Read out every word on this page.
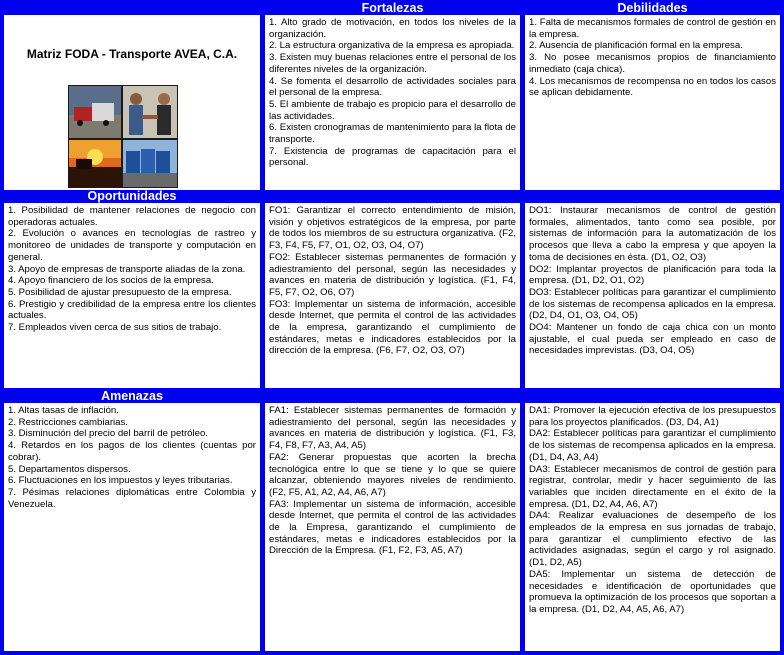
Fortalezas	Debilidades
Matriz FODA - Transporte AVEA, C.A.

1. Alto grado de motivación, en todos los niveles de la organización.

2. La estructura organizativa de la empresa es apropiada.

3. Existen muy buenas relaciones entre el personal de los diferentes niveles de la organización.

4. Se fomenta el desarrollo de actividades sociales para el personal de la empresa.

5. El ambiente de trabajo es propicio para el desarrollo de las actividades.

6. Existen cronogramas de mantenimiento para la flota de transporte.

7. Existencia de programas de capacitación para el personal.

1. Falta de mecanismos formales de control de gestión en la empresa.

2. Ausencia de planificación formal en la empresa.

3. No posee mecanismos propios de financiamiento inmediato (caja chica).

4. Los mecanismos de recompensa no en todos los casos se aplican debidamente.

Oportunidades

1. Posibilidad de mantener relaciones de negocio con operadoras actuales.

2. Evolución o avances en tecnologías de rastreo y monitoreo de unidades de transporte y computación en general.

3. Apoyo de empresas de transporte aliadas de la zona.

4. Apoyo financiero de los socios de la empresa.

5. Posibilidad de ajustar presupuesto de la empresa.

6. Prestigio y credibilidad de la empresa entre los clientes actuales.

7. Empleados viven cerca de sus sitios de trabajo.

FO1: Garantizar el correcto entendimiento de misión, visión y objetivos estratégicos de la empresa, por parte de todos los miembros de su estructura organizativa. (F2, F3, F4, F5, F7, O1, O2, O3, O4, O7)

FO2: Establecer sistemas permanentes de formación y adiestramiento del personal, según las necesidades y avances en materia de distribución y logística. (F1, F4, F5, F7, O2, O6, O7)

FO3: Implementar un sistema de información, accesible desde Internet, que permita el control de las actividades de la empresa, garantizando el cumplimiento de estándares, metas e indicadores establecidos por la dirección de la empresa. (F6, F7, O2, O3, O7)

DO1: Instaurar mecanismos de control de gestión formales, alimentados, tanto como sea posible, por sistemas de información para la automatización de los procesos que lleva a cabo la empresa y que apoyen la toma de decisiones en ésta. (D1, O2, O3)

DO2: Implantar proyectos de planificación para toda la empresa. (D1, D2, O1, O2)

DO3: Establecer políticas para garantizar el cumplimiento de los sistemas de recompensa aplicados en la empresa. (D2, D4, O1, O3, O4, O5)

DO4: Mantener un fondo de caja chica con un monto ajustable, el cual pueda ser empleado en caso de necesidades imprevistas. (D3, O4, O5)

Amenazas

1. Altas tasas de inflación.

2. Restricciones cambiarias.

3. Disminución del precio del barril de petróleo.

4. Retardos en los pagos de los clientes (cuentas por cobrar).

5. Departamentos dispersos.

6. Fluctuaciones en los impuestos y leyes tributarias.

7. Pésimas relaciones diplomáticas entre Colombia y Venezuela.

FA1: Establecer sistemas permanentes de formación y adiestramiento del personal, según las necesidades y avances en materia de distribución y logística. (F1, F3, F4, F8, F7, A3, A4, A5)

FA2: Generar propuestas que acorten la brecha tecnológica entre lo que se tiene y lo que se quiere alcanzar, obteniendo mayores niveles de rendimiento. (F2, F5, A1, A2, A4, A6, A7)

FA3: Implementar un sistema de información, accesible desde Internet, que permita el control de las actividades de la Empresa, garantizando el cumplimiento de estándares, metas e indicadores establecidos por la Dirección de la Empresa. (F1, F2, F3, A5, A7)

DA1: Promover la ejecución efectiva de los presupuestos para los proyectos planificados. (D3, D4, A1)

DA2: Establecer políticas para garantizar el cumplimiento de los sistemas de recompensa aplicados en la empresa. (D1, D4, A3, A4)

DA3: Establecer mecanismos de control de gestión para registrar, controlar, medir y hacer seguimiento de las variables que inciden directamente en el éxito de la empresa. (D1, D2, A4, A6, A7)

DA4: Realizar evaluaciones de desempeño de los empleados de la empresa en sus jornadas de trabajo, para garantizar el cumplimiento efectivo de las actividades asignadas, según el cargo y rol asignado. (D1, D2, A5)

DA5: Implementar un sistema de detección de necesidades e identificación de oportunidades que promueva la optimización de los procesos que soportan a la empresa. (D1, D2, A4, A5, A6, A7)
